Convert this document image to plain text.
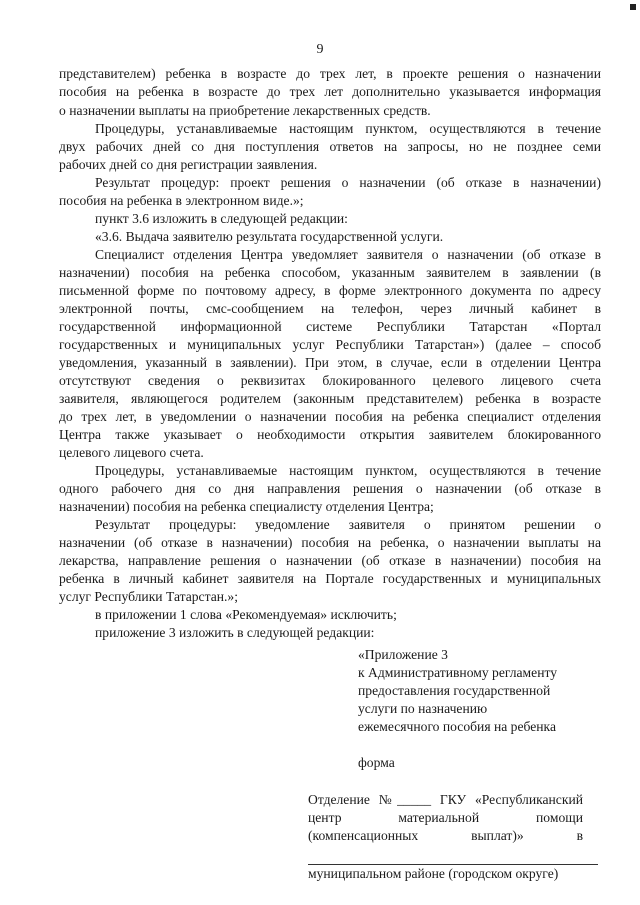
9
представителем) ребенка в возрасте до трех лет, в проекте решения о назначении
пособия на ребенка в возрасте до трех лет дополнительно указывается информация
о назначении выплаты на приобретение лекарственных средств.
Процедуры, устанавливаемые настоящим пунктом, осуществляются в течение
двух рабочих дней со дня поступления ответов на запросы, но не позднее семи
рабочих дней со дня регистрации заявления.
Результат процедур: проект решения о назначении (об отказе в назначении)
пособия на ребенка в электронном виде.»;
пункт 3.6 изложить в следующей редакции:
«3.6. Выдача заявителю результата государственной услуги.
Специалист отделения Центра уведомляет заявителя о назначении (об отказе в
назначении) пособия на ребенка способом, указанным заявителем в заявлении (в
письменной форме по почтовому адресу, в форме электронного документа по адресу
электронной почты, смс-сообщением на телефон, через личный кабинет в
государственной информационной системе Республики Татарстан «Портал
государственных и муниципальных услуг Республики Татарстан») (далее – способ
уведомления, указанный в заявлении). При этом, в случае, если в отделении Центра
отсутствуют сведения о реквизитах блокированного целевого лицевого счета
заявителя, являющегося родителем (законным представителем) ребенка в возрасте
до трех лет, в уведомлении о назначении пособия на ребенка специалист отделения
Центра также указывает о необходимости открытия заявителем блокированного
целевого лицевого счета.
Процедуры, устанавливаемые настоящим пунктом, осуществляются в течение
одного рабочего дня со дня направления решения о назначении (об отказе в
назначении) пособия на ребенка специалисту отделения Центра;
Результат процедуры: уведомление заявителя о принятом решении о
назначении (об отказе в назначении) пособия на ребенка, о назначении выплаты на
лекарства, направление решения о назначении (об отказе в назначении) пособия на
ребенка в личный кабинет заявителя на Портале государственных и муниципальных
услуг Республики Татарстан.»;
в приложении 1 слова «Рекомендуемая» исключить;
приложение 3 изложить в следующей редакции:
«Приложение 3
к Административному регламенту
предоставления государственной
услуги по назначению
ежемесячного пособия на ребенка
форма
Отделение №_____ ГКУ «Республиканский
центр материальной помощи
(компенсационных выплат)» в
муниципальном районе (городском округе)
